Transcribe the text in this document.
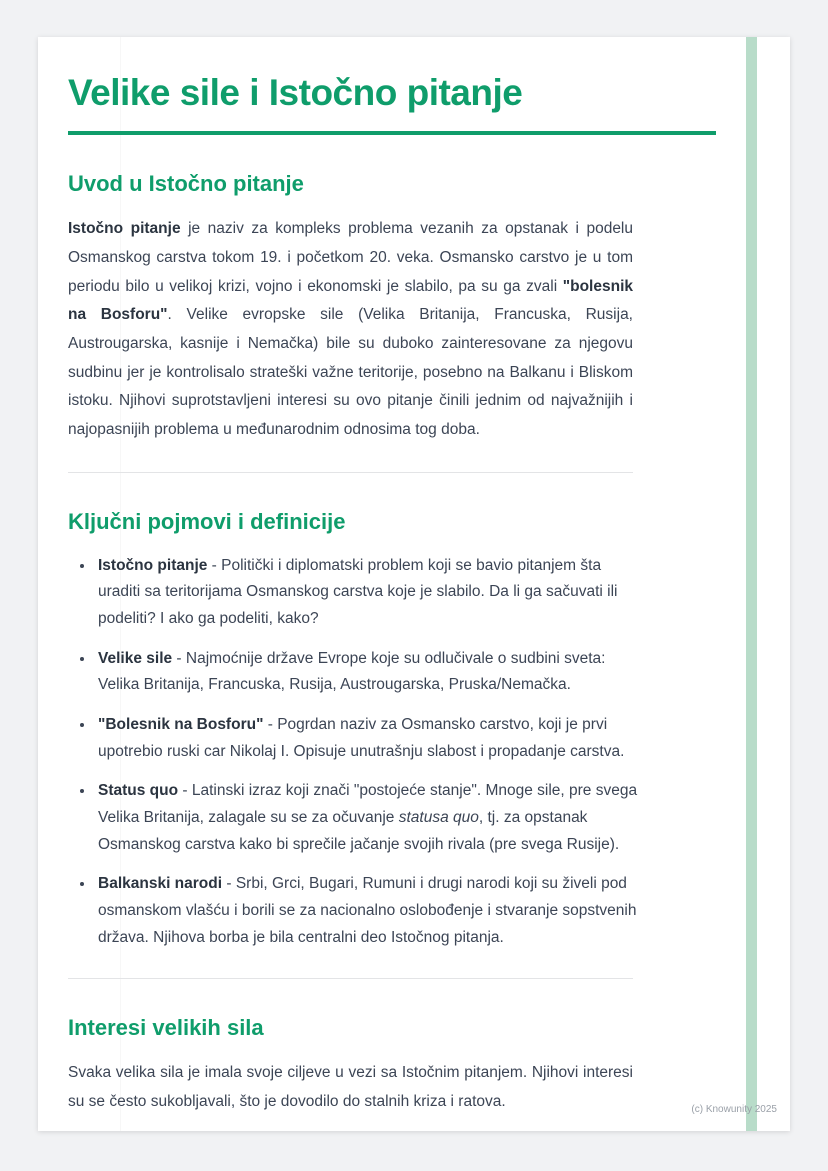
Velike sile i Istočno pitanje
Uvod u Istočno pitanje

Istočno pitanje je naziv za kompleks problema vezanih za opstanak i podelu Osmanskog carstva tokom 19. i početkom 20. veka. Osmansko carstvo je u tom periodu bilo u velikoj krizi, vojno i ekonomski je slabilo, pa su ga zvali "bolesnik na Bosforu". Velike evropske sile (Velika Britanija, Francuska, Rusija, Austrougarska, kasnije i Nemačka) bile su duboko zainteresovane za njegovu sudbinu jer je kontrolisalo strateški važne teritorije, posebno na Balkanu i Bliskom istoku. Njihovi suprotstavljeni interesi su ovo pitanje činili jednim od najvažnijih i najopasnijih problema u međunarodnim odnosima tog doba.

Ključni pojmovi i definicije
• Istočno pitanje - Politički i diplomatski problem koji se bavio pitanjem šta uraditi sa teritorijama Osmanskog carstva koje je slabilo. Da li ga sačuvati ili podeliti? I ako ga podeliti, kako?
• Velike sile - Najmoćnije države Evrope koje su odlučivale o sudbini sveta: Velika Britanija, Francuska, Rusija, Austrougarska, Pruska/Nemačka.
• "Bolesnik na Bosforu" - Pogrdan naziv za Osmansko carstvo, koji je prvi upotrebio ruski car Nikolaj I. Opisuje unutrašnju slabost i propadanje carstva.
• Status quo - Latinski izraz koji znači "postojeće stanje". Mnoge sile, pre svega Velika Britanija, zalagale su se za očuvanje statusa quo, tj. za opstanak Osmanskog carstva kako bi sprečile jačanje svojih rivala (pre svega Rusije).
• Balkanski narodi - Srbi, Grci, Bugari, Rumuni i drugi narodi koji su živeli pod osmanskom vlašću i borili se za nacionalno oslobođenje i stvaranje sopstvenih država. Njihova borba je bila centralni deo Istočnog pitanja.
Interesi velikih sila

Svaka velika sila je imala svoje ciljeve u vezi sa Istočnim pitanjem. Njihovi interesi su se često sukobljavali, što je dovodilo do stalnih kriza i ratova.	(c) Knowunity 2025
